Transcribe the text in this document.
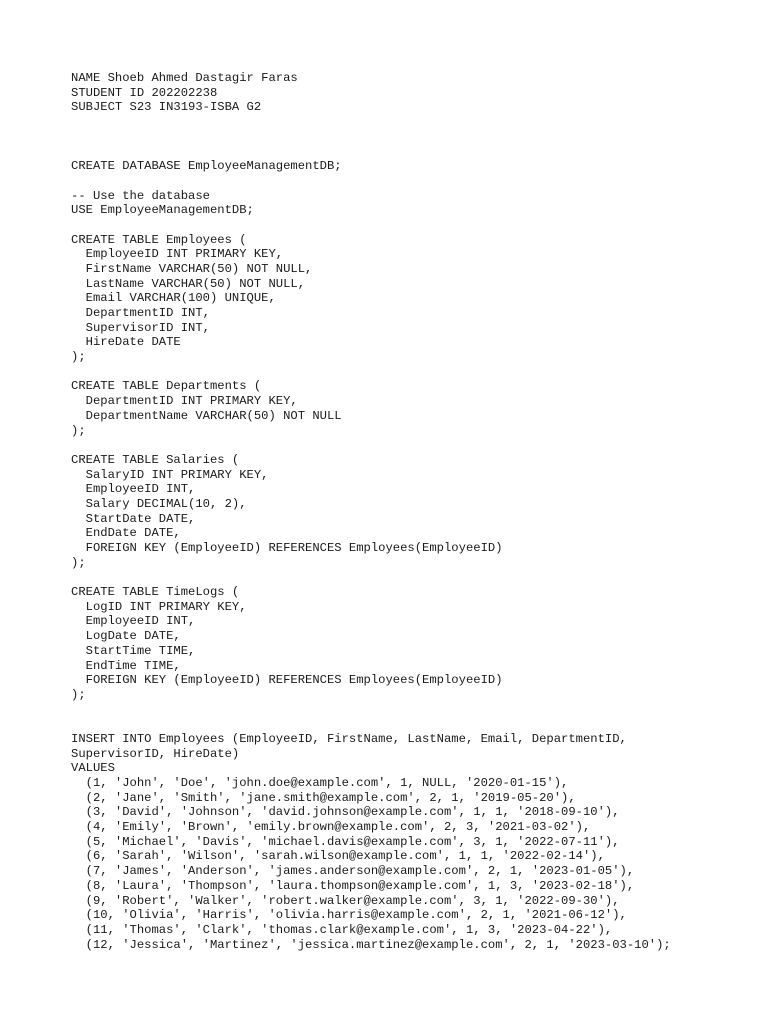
NAME Shoeb Ahmed Dastagir Faras
STUDENT ID 202202238
SUBJECT S23 IN3193-ISBA G2
CREATE DATABASE EmployeeManagementDB;
-- Use the database
USE EmployeeManagementDB;
CREATE TABLE Employees (
EmployeeID INT PRIMARY KEY,
FirstName VARCHAR(50) NOT NULL,
LastName VARCHAR(50) NOT NULL,
Email VARCHAR(100) UNIQUE,
DepartmentID INT,
SupervisorID INT,
HireDate DATE
);
CREATE TABLE Departments (
DepartmentID INT PRIMARY KEY,
DepartmentName VARCHAR(50) NOT NULL
);
CREATE TABLE Salaries (
SalaryID INT PRIMARY KEY,
EmployeeID INT,
Salary DECIMAL(10, 2),
StartDate DATE,
EndDate DATE,
FOREIGN KEY (EmployeeID) REFERENCES Employees(EmployeeID)
);
CREATE TABLE TimeLogs (
LogID INT PRIMARY KEY,
EmployeeID INT,
LogDate DATE,
StartTime TIME,
EndTime TIME,
FOREIGN KEY (EmployeeID) REFERENCES Employees(EmployeeID)
);
INSERT INTO Employees (EmployeeID, FirstName, LastName, Email, DepartmentID,
SupervisorID, HireDate)
VALUES
(1, 'John', 'Doe', 'john.doe@example.com', 1, NULL, '2020-01-15'),
(2, 'Jane', 'Smith', 'jane.smith@example.com', 2, 1, '2019-05-20'),
(3, 'David', 'Johnson', 'david.johnson@example.com', 1, 1, '2018-09-10'),
(4, 'Emily', 'Brown', 'emily.brown@example.com', 2, 3, '2021-03-02'),
(5, 'Michael', 'Davis', 'michael.davis@example.com', 3, 1, '2022-07-11'),
(6, 'Sarah', 'Wilson', 'sarah.wilson@example.com', 1, 1, '2022-02-14'),
(7, 'James', 'Anderson', 'james.anderson@example.com', 2, 1, '2023-01-05'),
(8, 'Laura', 'Thompson', 'laura.thompson@example.com', 1, 3, '2023-02-18'),
(9, 'Robert', 'Walker', 'robert.walker@example.com', 3, 1, '2022-09-30'),
(10, 'Olivia', 'Harris', 'olivia.harris@example.com', 2, 1, '2021-06-12'),
(11, 'Thomas', 'Clark', 'thomas.clark@example.com', 1, 3, '2023-04-22'),
(12, 'Jessica', 'Martinez', 'jessica.martinez@example.com', 2, 1, '2023-03-10');
